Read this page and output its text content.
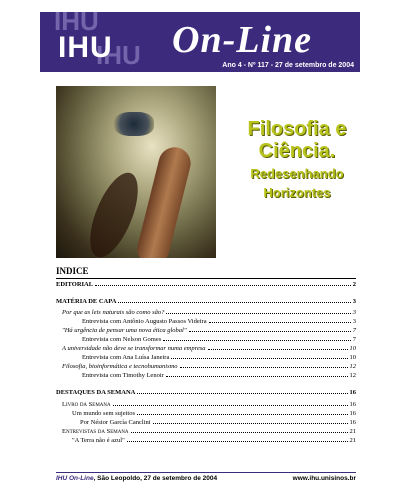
IHU
IHU
IHU On-Line
Ano 4 - Nº 117 - 27 de setembro de 2004
Filosofia e Ciência.
Redesenhando
Horizontes
INDICE
EDITORIAL	2
MATÉRIA DE CAPA	3
Por que as leis naturais são como são?	3
Entrevista com Antônio Augusto Passos Videira	3
"Há urgência de pensar uma nova ética global"	7
Entrevista com Nelson Gomes	7
A universidade não deve se transformar numa empresa	10
Entrevista com Ana Luísa Janeira	10
Filosofia, bioinformática e tecnohumanismo	12
Entrevista com Timothy Lenoir	12
DESTAQUES DA SEMANA	16
Livro da Semana	16
Um mundo sem sujeitos	16
Por Néstor García Canclini	16
Entrevistas da Semana	21
"A Terra não é azul"	21
IHU On-Line, São Leopoldo, 27 de setembro de 2004	www.ihu.unisinos.br
